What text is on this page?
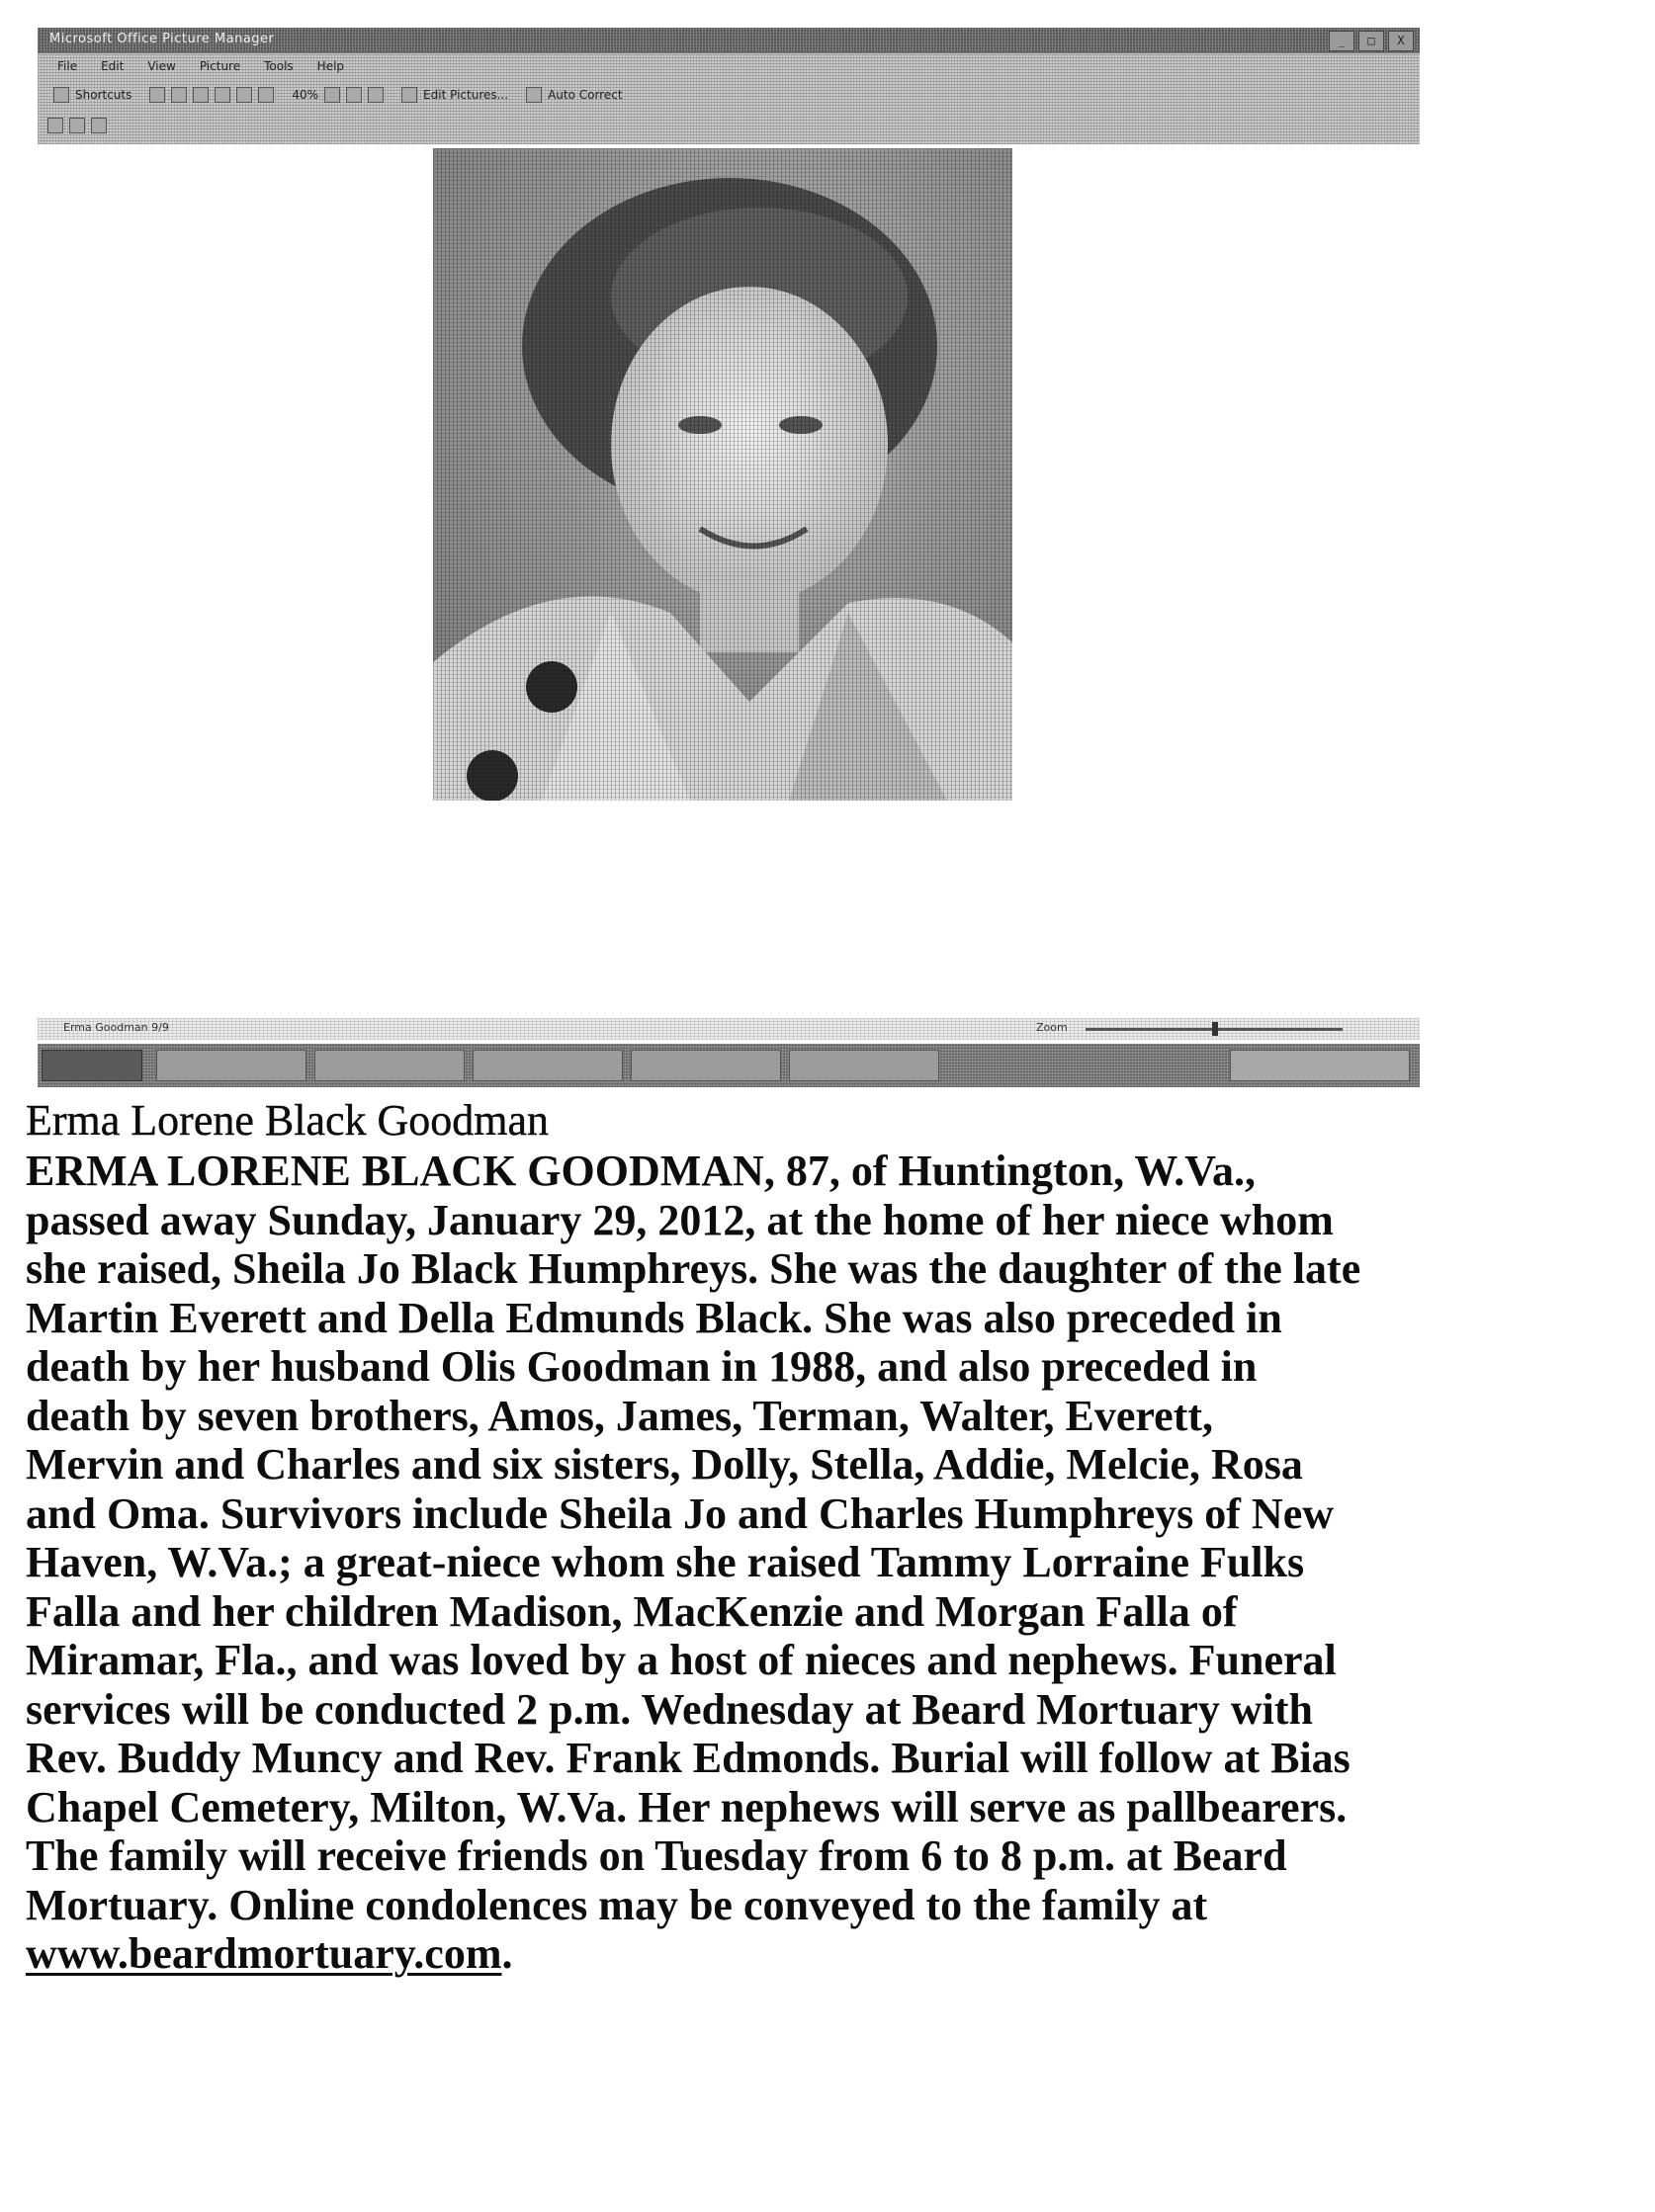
Microsoft Office Picture Manager	_	□	X
File Edit View Picture Tools Help
Shortcuts	40%	Edit Pictures...	Auto Correct
Erma Goodman 9/9	Zoom
Erma Lorene Black Goodman

ERMA LORENE BLACK GOODMAN, 87, of Huntington, W.Va.,
passed away Sunday, January 29, 2012, at the home of her niece whom
she raised, Sheila Jo Black Humphreys. She was the daughter of the late
Martin Everett and Della Edmunds Black. She was also preceded in
death by her husband Olis Goodman in 1988, and also preceded in
death by seven brothers, Amos, James, Terman, Walter, Everett,
Mervin and Charles and six sisters, Dolly, Stella, Addie, Melcie, Rosa
and Oma. Survivors include Sheila Jo and Charles Humphreys of New
Haven, W.Va.; a great-niece whom she raised Tammy Lorraine Fulks
Falla and her children Madison, MacKenzie and Morgan Falla of
Miramar, Fla., and was loved by a host of nieces and nephews. Funeral
services will be conducted 2 p.m. Wednesday at Beard Mortuary with
Rev. Buddy Muncy and Rev. Frank Edmonds. Burial will follow at Bias
Chapel Cemetery, Milton, W.Va. Her nephews will serve as pallbearers.
The family will receive friends on Tuesday from 6 to 8 p.m. at Beard
Mortuary. Online condolences may be conveyed to the family at
www.beardmortuary.com.
